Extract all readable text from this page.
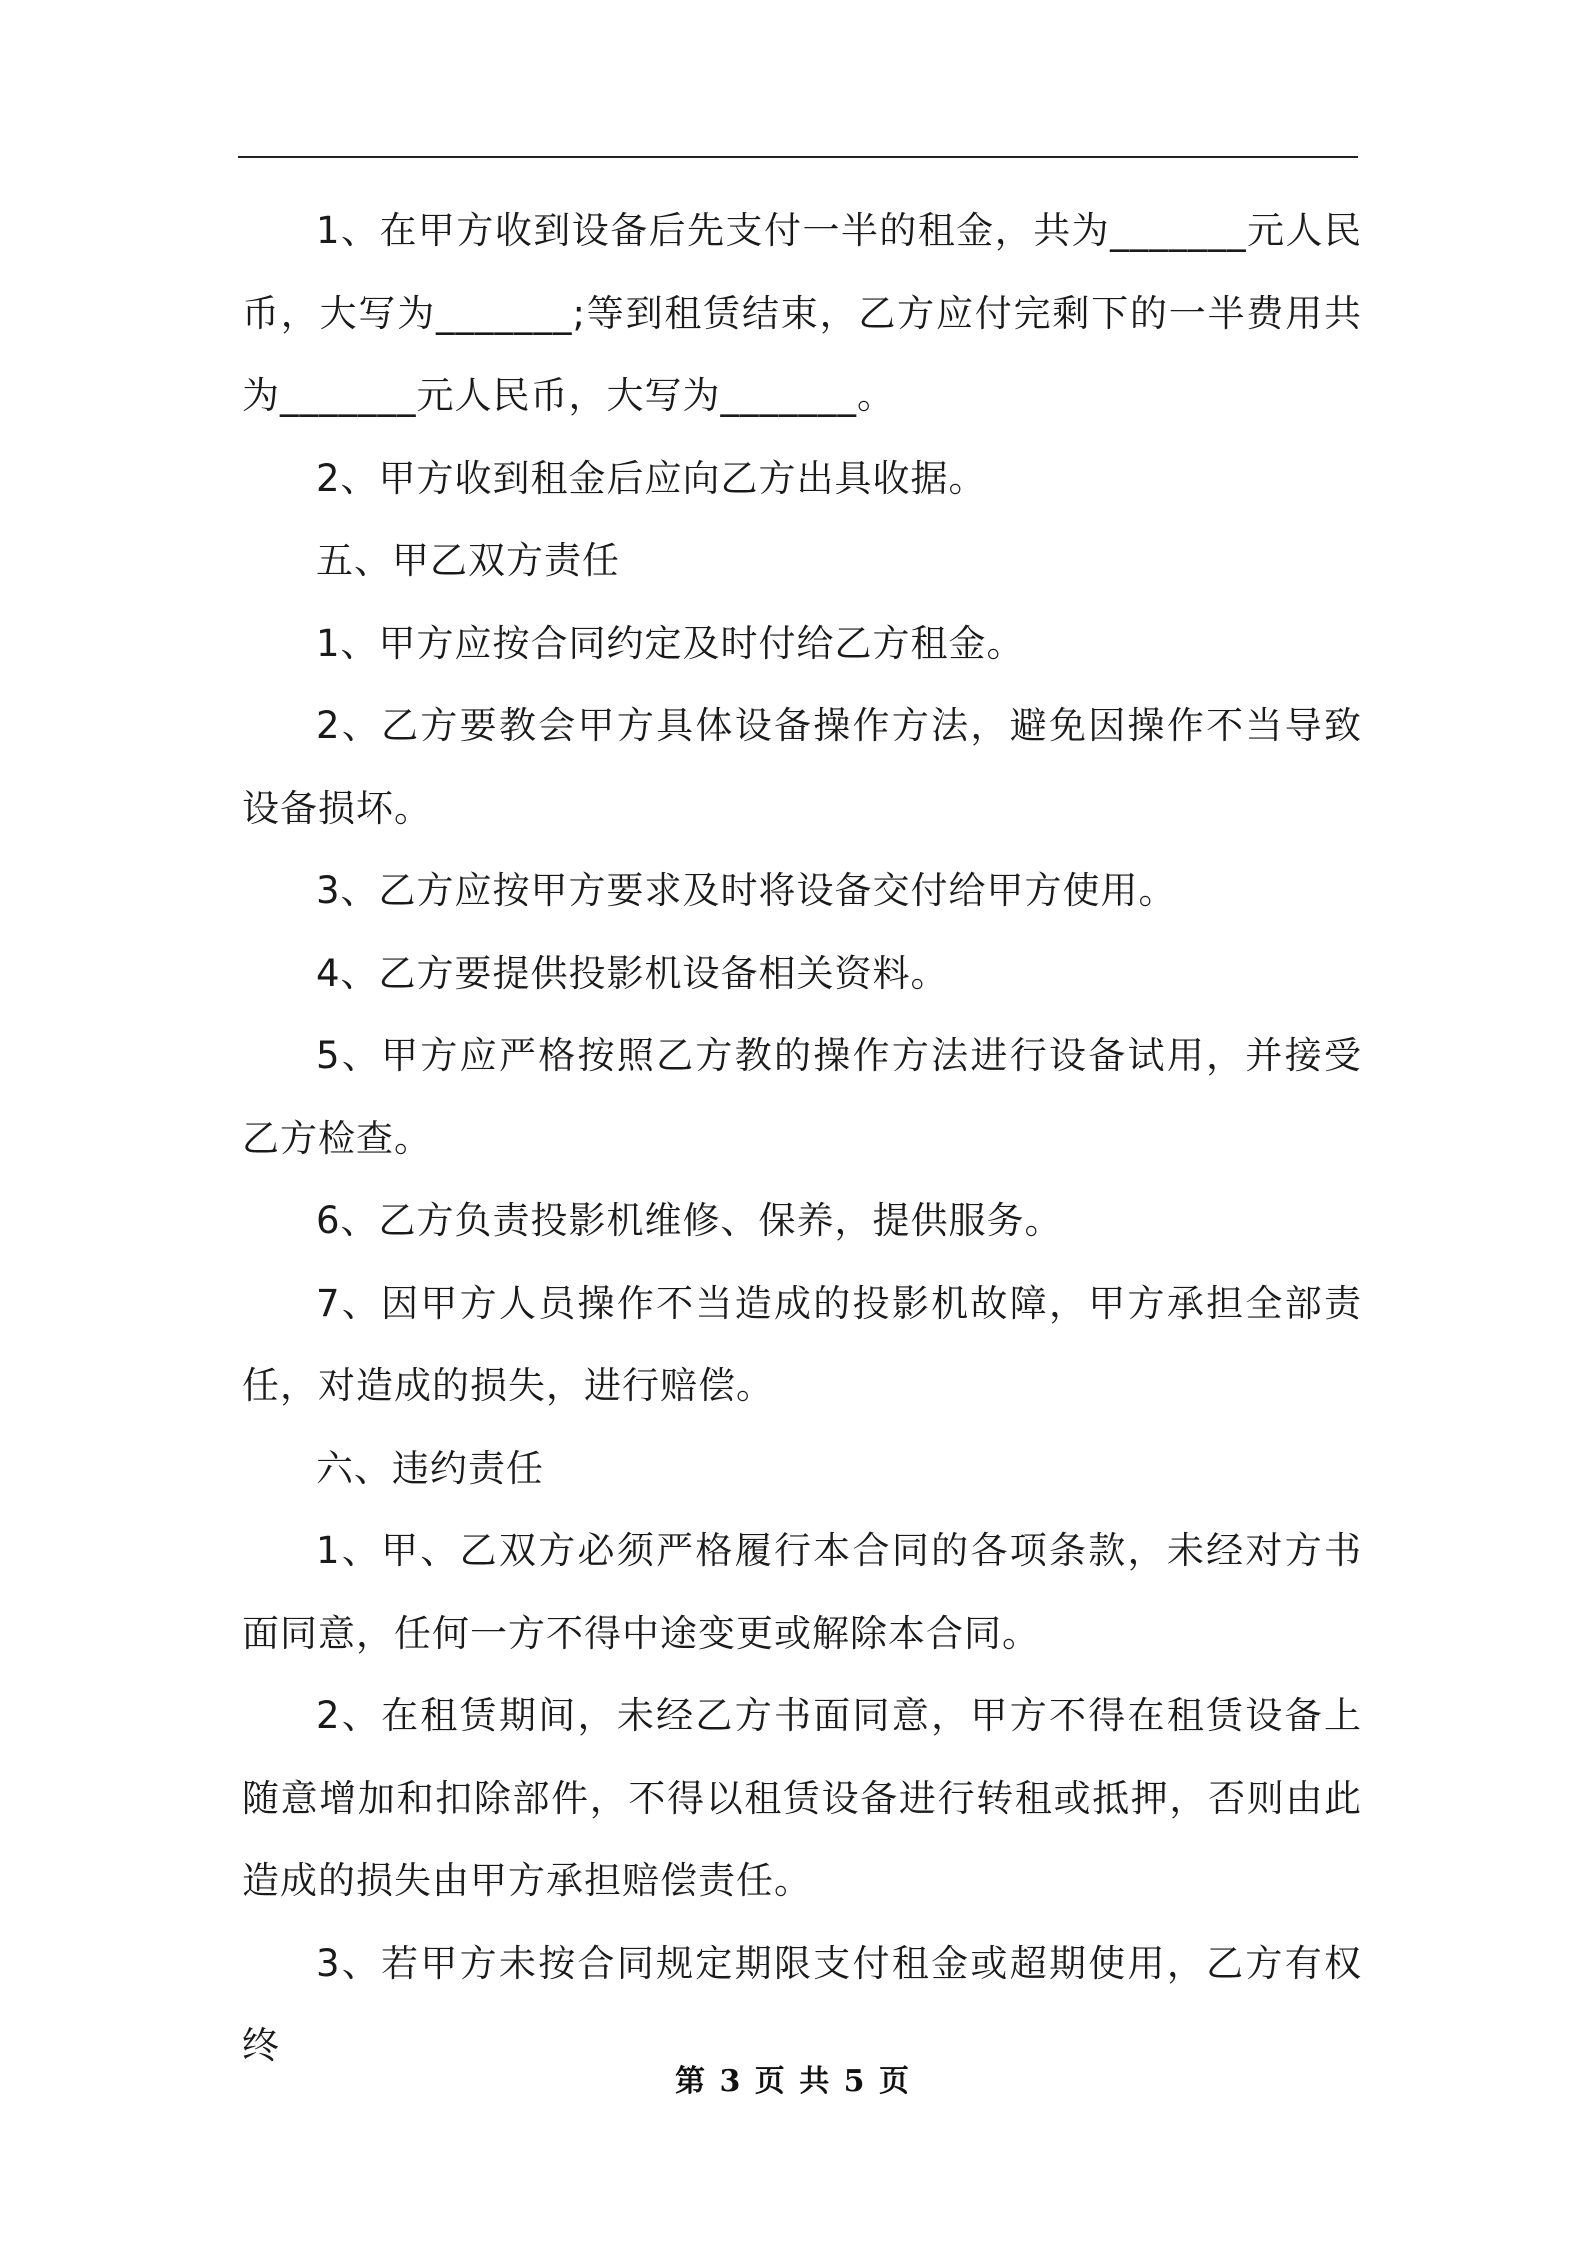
1、在甲方收到设备后先支付一半的租金，共为_______元人民币，大写为_______;等到租赁结束，乙方应付完剩下的一半费用共为_______元人民币，大写为_______。

2、甲方收到租金后应向乙方出具收据。

五、甲乙双方责任

1、甲方应按合同约定及时付给乙方租金。

2、乙方要教会甲方具体设备操作方法，避免因操作不当导致设备损坏。

3、乙方应按甲方要求及时将设备交付给甲方使用。

4、乙方要提供投影机设备相关资料。

5、甲方应严格按照乙方教的操作方法进行设备试用，并接受乙方检查。

6、乙方负责投影机维修、保养，提供服务。

7、因甲方人员操作不当造成的投影机故障，甲方承担全部责任，对造成的损失，进行赔偿。

六、违约责任

1、甲、乙双方必须严格履行本合同的各项条款，未经对方书面同意，任何一方不得中途变更或解除本合同。

2、在租赁期间，未经乙方书面同意，甲方不得在租赁设备上随意增加和扣除部件，不得以租赁设备进行转租或抵押，否则由此造成的损失由甲方承担赔偿责任。

3、若甲方未按合同规定期限支付租金或超期使用，乙方有权终

第 3 页 共 5 页
